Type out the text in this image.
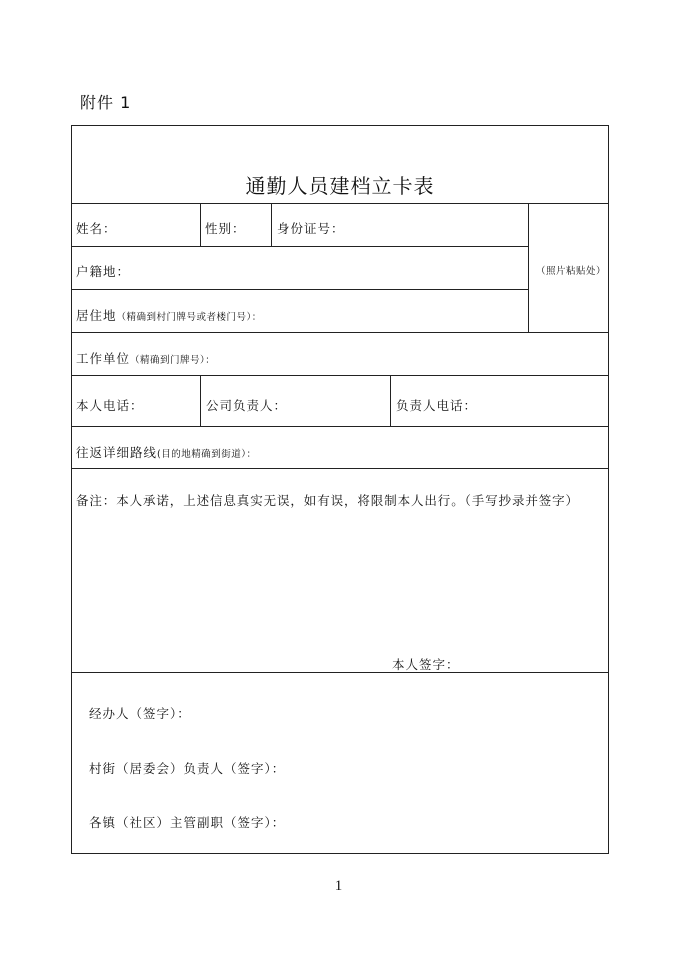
附件 1
通勤人员建档立卡表
姓名：	性别：	身份证号：
（照片粘贴处）
户籍地：
居住地（精确到村门牌号或者楼门号）：
工作单位（精确到门牌号）：
本人电话：	公司负责人：	负责人电话：
往返详细路线(目的地精确到街道）：
备注：本人承诺，上述信息真实无误，如有误，将限制本人出行。（手写抄录并签字）
本人签字：
经办人（签字）：
村街（居委会）负责人（签字）：
各镇（社区）主管副职（签字）：
1
